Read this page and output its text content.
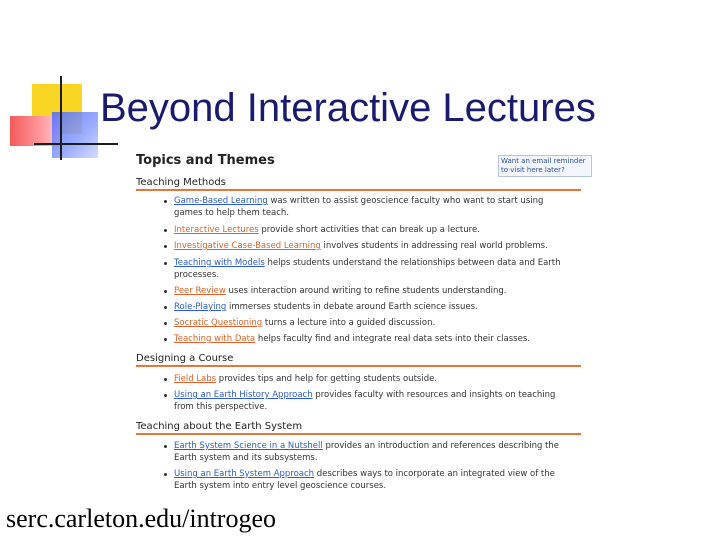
Beyond Interactive Lectures
Topics and Themes	Want an email reminder
to visit here later?
Teaching Methods
Game-Based Learning was written to assist geoscience faculty who want to start using games to help them teach.
Interactive Lectures provide short activities that can break up a lecture.
Investigative Case-Based Learning involves students in addressing real world problems.
Teaching with Models helps students understand the relationships between data and Earth processes.
Peer Review uses interaction around writing to refine students understanding.
Role-Playing immerses students in debate around Earth science issues.
Socratic Questioning turns a lecture into a guided discussion.
Teaching with Data helps faculty find and integrate real data sets into their classes.
Designing a Course
Field Labs provides tips and help for getting students outside.
Using an Earth History Approach provides faculty with resources and insights on teaching from this perspective.
Teaching about the Earth System
Earth System Science in a Nutshell provides an introduction and references describing the Earth system and its subsystems.
Using an Earth System Approach describes ways to incorporate an integrated view of the Earth system into entry level geoscience courses.
serc.carleton.edu/introgeo
